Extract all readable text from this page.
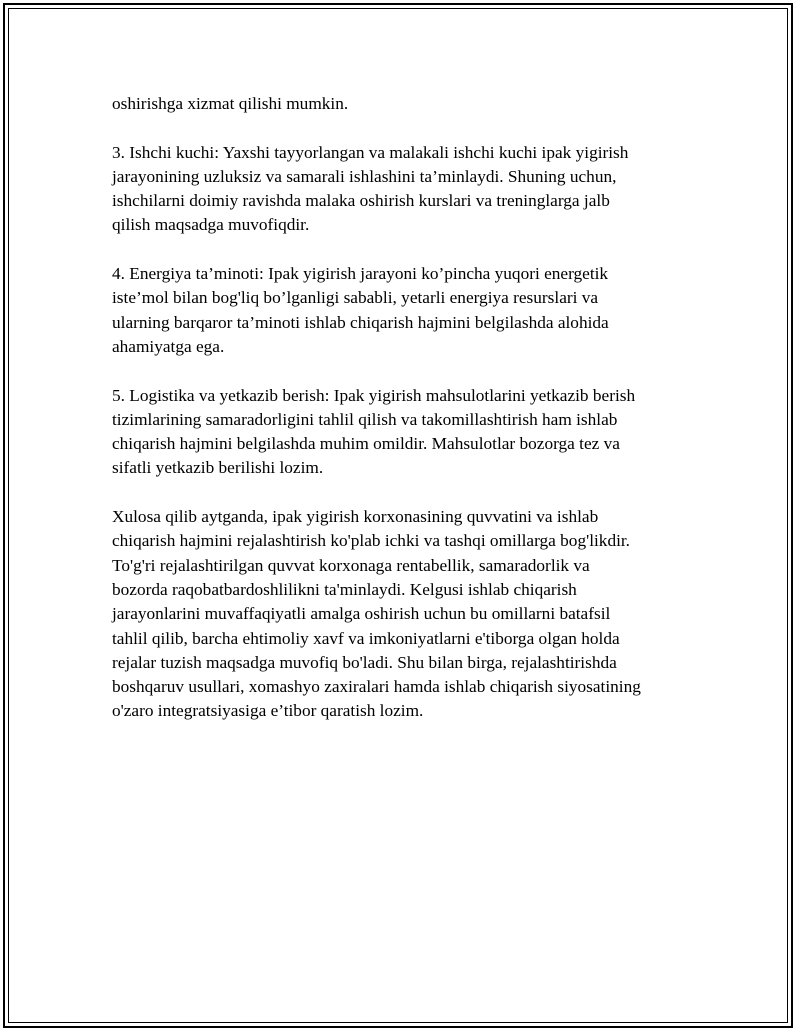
oshirishga xizmat qilishi mumkin.

3. Ishchi kuchi: Yaxshi tayyorlangan va malakali ishchi kuchi ipak yigirish

jarayonining uzluksiz va samarali ishlashini ta’minlaydi. Shuning uchun,

ishchilarni doimiy ravishda malaka oshirish kurslari va treninglarga jalb

qilish maqsadga muvofiqdir.

4. Energiya ta’minoti: Ipak yigirish jarayoni ko’pincha yuqori energetik

iste’mol bilan bog'liq bo’lganligi sababli, yetarli energiya resurslari va

ularning barqaror ta’minoti ishlab chiqarish hajmini belgilashda alohida

ahamiyatga ega.

5. Logistika va yetkazib berish: Ipak yigirish mahsulotlarini yetkazib berish

tizimlarining samaradorligini tahlil qilish va takomillashtirish ham ishlab

chiqarish hajmini belgilashda muhim omildir. Mahsulotlar bozorga tez va

sifatli yetkazib berilishi lozim.

Xulosa qilib aytganda, ipak yigirish korxonasining quvvatini va ishlab

chiqarish hajmini rejalashtirish ko'plab ichki va tashqi omillarga bog'likdir.

To'g'ri rejalashtirilgan quvvat korxonaga rentabellik, samaradorlik va

bozorda raqobatbardoshlilikni ta'minlaydi. Kelgusi ishlab chiqarish

jarayonlarini muvaffaqiyatli amalga oshirish uchun bu omillarni batafsil

tahlil qilib, barcha ehtimoliy xavf va imkoniyatlarni e'tiborga olgan holda

rejalar tuzish maqsadga muvofiq bo'ladi. Shu bilan birga, rejalashtirishda

boshqaruv usullari, xomashyo zaxiralari hamda ishlab chiqarish siyosatining

o'zaro integratsiyasiga e’tibor qaratish lozim.
